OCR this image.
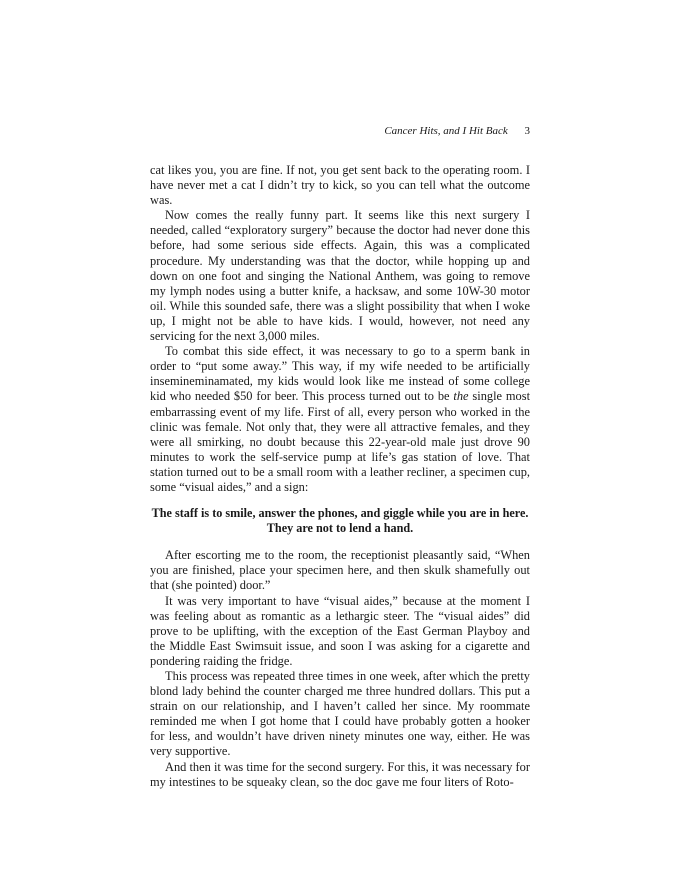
Cancer Hits, and I Hit Back 3

cat likes you, you are fine. If not, you get sent back to the operating room. I have never met a cat I didn’t try to kick, so you can tell what the outcome was.

Now comes the really funny part. It seems like this next surgery I needed, called “exploratory surgery” because the doctor had never done this before, had some serious side effects. Again, this was a complicated procedure. My understanding was that the doctor, while hopping up and down on one foot and singing the National Anthem, was going to remove my lymph nodes using a butter knife, a hacksaw, and some 10W-30 motor oil. While this sounded safe, there was a slight possibility that when I woke up, I might not be able to have kids. I would, however, not need any servicing for the next 3,000 miles.

To combat this side effect, it was necessary to go to a sperm bank in order to “put some away.” This way, if my wife needed to be artificially insemineminamated, my kids would look like me instead of some college kid who needed $50 for beer. This process turned out to be the single most embarrassing event of my life. First of all, every person who worked in the clinic was female. Not only that, they were all attractive females, and they were all smirking, no doubt because this 22-year-old male just drove 90 minutes to work the self-service pump at life’s gas station of love. That station turned out to be a small room with a leather recliner, a specimen cup, some “visual aides,” and a sign:

The staff is to smile, answer the phones, and giggle while you are in here.
They are not to lend a hand.

After escorting me to the room, the receptionist pleasantly said, “When you are finished, place your specimen here, and then skulk shamefully out that (she pointed) door.”

It was very important to have “visual aides,” because at the moment I was feeling about as romantic as a lethargic steer. The “visual aides” did prove to be uplifting, with the exception of the East German Playboy and the Middle East Swimsuit issue, and soon I was asking for a cigarette and pondering raiding the fridge.

This process was repeated three times in one week, after which the pretty blond lady behind the counter charged me three hundred dollars. This put a strain on our relationship, and I haven’t called her since. My roommate reminded me when I got home that I could have probably gotten a hooker for less, and wouldn’t have driven ninety minutes one way, either. He was very supportive.

And then it was time for the second surgery. For this, it was necessary for my intestines to be squeaky clean, so the doc gave me four liters of Roto-
